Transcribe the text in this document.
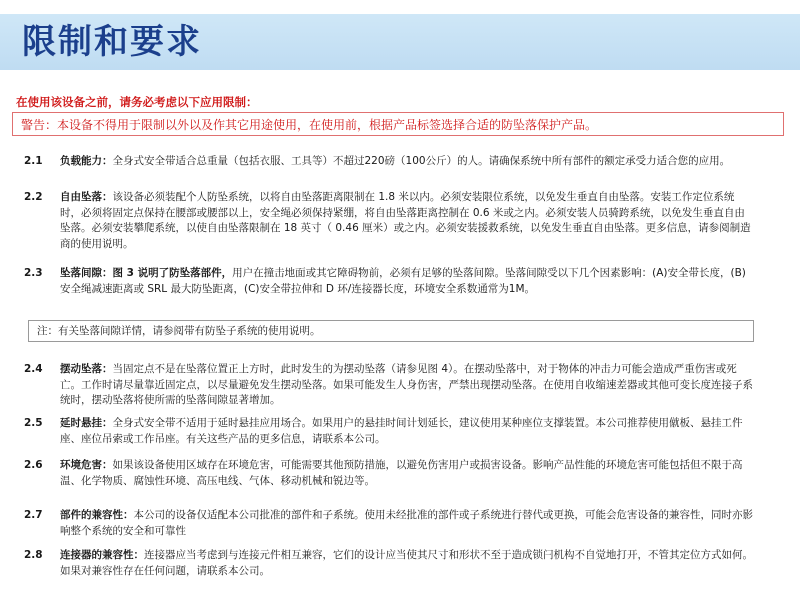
限制和要求
在使用该设备之前，请务必考虑以下应用限制：
警告：本设备不得用于限制以外以及作其它用途使用，在使用前，根据产品标签选择合适的防坠落保护产品。
2.1	负载能力：全身式安全带适合总重量（包括衣服、工具等）不超过220磅（100公斤）的人。请确保系统中所有部件的额定承受力适合您的应用。
2.2	自由坠落：该设备必须装配个人防坠系统，以将自由坠落距离限制在 1.8 米以内。必须安装限位系统，以免发生垂直自由坠落。安装工作定位系统时，必须将固定点保持在腰部或腰部以上，安全绳必须保持紧绷，将自由坠落距离控制在 0.6 米或之内。必须安装人员骑跨系统，以免发生垂直自由坠落。必须安装攀爬系统，以使自由坠落限制在 18 英寸（ 0.46 厘米）或之内。必须安装援救系统，以免发生垂直自由坠落。更多信息，请参阅制造商的使用说明。
2.3	坠落间隙：图 3 说明了防坠落部件，用户在撞击地面或其它障碍物前，必须有足够的坠落间隙。坠落间隙受以下几个因素影响：(A)安全带长度，(B) 安全绳减速距离或 SRL 最大防坠距离，(C)安全带拉伸和 D 环/连接器长度，环境安全系数通常为1M。
注：有关坠落间隙详情，请参阅带有防坠子系统的使用说明。
2.4	摆动坠落：当固定点不是在坠落位置正上方时，此时发生的为摆动坠落（请参见图 4）。在摆动坠落中，对于物体的冲击力可能会造成严重伤害或死亡。工作时请尽量靠近固定点，以尽量避免发生摆动坠落。如果可能发生人身伤害，严禁出现摆动坠落。在使用自收缩速差器或其他可变长度连接子系统时，摆动坠落将使所需的坠落间隙显著增加。
2.5	延时悬挂：全身式安全带不适用于延时悬挂应用场合。如果用户的悬挂时间计划延长，建议使用某种座位支撑装置。本公司推荐使用僦板、悬挂工件座、座位吊索或工作吊座。有关这些产品的更多信息，请联系本公司。
2.6	环境危害：如果该设备使用区域存在环境危害，可能需要其他预防措施，以避免伤害用户或损害设备。影响产品性能的环境危害可能包括但不限于高温、化学物质、腐蚀性环境、高压电线、气体、移动机械和锐边等。
2.7	部件的兼容性：本公司的设备仅适配本公司批准的部件和子系统。使用未经批准的部件或子系统进行替代或更换，可能会危害设备的兼容性，同时亦影响整个系统的安全和可靠性
2.8	连接器的兼容性：连接器应当考虑到与连接元件相互兼容，它们的设计应当使其尺寸和形状不至于造成锁闩机构不自觉地打开，不管其定位方式如何。如果对兼容性存在任何问题，请联系本公司。
